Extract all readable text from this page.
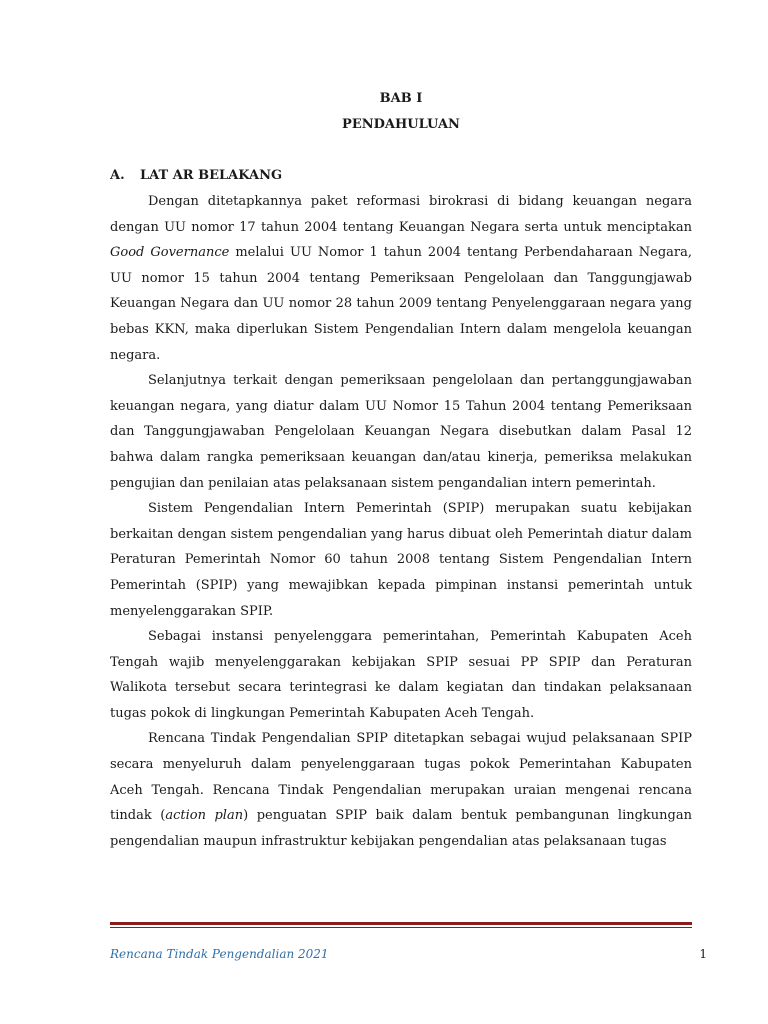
BAB I
PENDAHULUAN
A.	LAT AR BELAKANG

Dengan ditetapkannya paket reformasi birokrasi di bidang keuangan negara dengan UU nomor 17 tahun 2004 tentang Keuangan Negara serta untuk menciptakan Good Governance melalui UU Nomor 1 tahun 2004 tentang Perbendaharaan Negara, UU nomor 15 tahun 2004 tentang Pemeriksaan Pengelolaan dan Tanggungjawab Keuangan Negara dan UU nomor 28 tahun 2009 tentang Penyelenggaraan negara yang bebas KKN, maka diperlukan Sistem Pengendalian Intern dalam mengelola keuangan negara.

Selanjutnya terkait dengan pemeriksaan pengelolaan dan pertanggungjawaban keuangan negara, yang diatur dalam UU Nomor 15 Tahun 2004 tentang Pemeriksaan dan Tanggungjawaban Pengelolaan Keuangan Negara disebutkan dalam Pasal 12 bahwa dalam rangka pemeriksaan keuangan dan/atau kinerja, pemeriksa melakukan pengujian dan penilaian atas pelaksanaan sistem pengandalian intern pemerintah.

Sistem Pengendalian Intern Pemerintah (SPIP) merupakan suatu kebijakan berkaitan dengan sistem pengendalian yang harus dibuat oleh Pemerintah diatur dalam Peraturan Pemerintah Nomor 60 tahun 2008 tentang Sistem Pengendalian Intern Pemerintah (SPIP) yang mewajibkan kepada pimpinan instansi pemerintah untuk menyelenggarakan SPIP.

Sebagai instansi penyelenggara pemerintahan, Pemerintah Kabupaten Aceh Tengah wajib menyelenggarakan kebijakan SPIP sesuai PP SPIP dan Peraturan Walikota tersebut secara terintegrasi ke dalam kegiatan dan tindakan pelaksanaan tugas pokok di lingkungan Pemerintah Kabupaten Aceh Tengah.

Rencana Tindak Pengendalian SPIP ditetapkan sebagai wujud pelaksanaan SPIP secara menyeluruh dalam penyelenggaraan tugas pokok Pemerintahan Kabupaten Aceh Tengah. Rencana Tindak Pengendalian merupakan uraian mengenai rencana tindak (action plan) penguatan SPIP baik dalam bentuk pembangunan lingkungan pengendalian maupun infrastruktur kebijakan pengendalian atas pelaksanaan tugas

Rencana Tindak Pengendalian 2021	1
